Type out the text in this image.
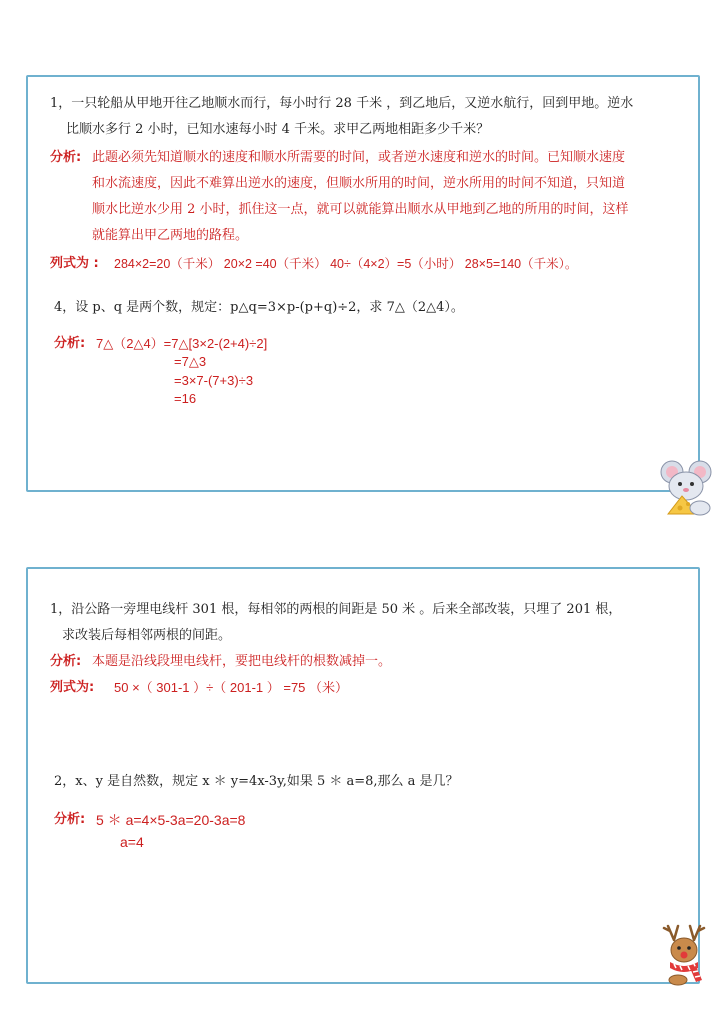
1，一只轮船从甲地开往乙地顺水而行，每小时行 28 千米 ，到乙地后，又逆水航行，回到甲地。逆水
比顺水多行 2 小时，已知水速每小时 4 千米。求甲乙两地相距多少千米？
分析: 此题必须先知道顺水的速度和顺水所需要的时间，或者逆水速度和逆水的时间。已知顺水速度
和水流速度，因此不难算出逆水的速度，但顺水所用的时间，逆水所用的时间不知道，只知道
顺水比逆水少用 2 小时，抓住这一点，就可以就能算出顺水从甲地到乙地的所用的时间，这样
就能算出甲乙两地的路程。
列式为 : 284×2=20（千米） 20×2 =40（千米） 40÷（4×2）=5（小时） 28×5=140（千米）。
4，设 p、q 是两个数，规定：p△q=3×p-(p+q)÷2，求 7△（2△4）。
分析: 7△（2△4）=7△[3×2-(2+4)÷2]
=7△3
=3×7-(7+3)÷3
=16
1，沿公路一旁埋电线杆 301 根，每相邻的两根的间距是 50 米 。后来全部改装，只埋了 201 根，
求改装后每相邻两根的间距。
分析: 本题是沿线段埋电线杆，要把电线杆的根数减掉一。
列式为: 50 ×（ 301-1 ）÷（ 201-1 ） =75 （米）
2，x、y 是自然数，规定 x ＊ y=4x-3y,如果 5 ＊ a=8,那么 a 是几？
分析: 5 ＊ a=4×5-3a=20-3a=8
a=4
